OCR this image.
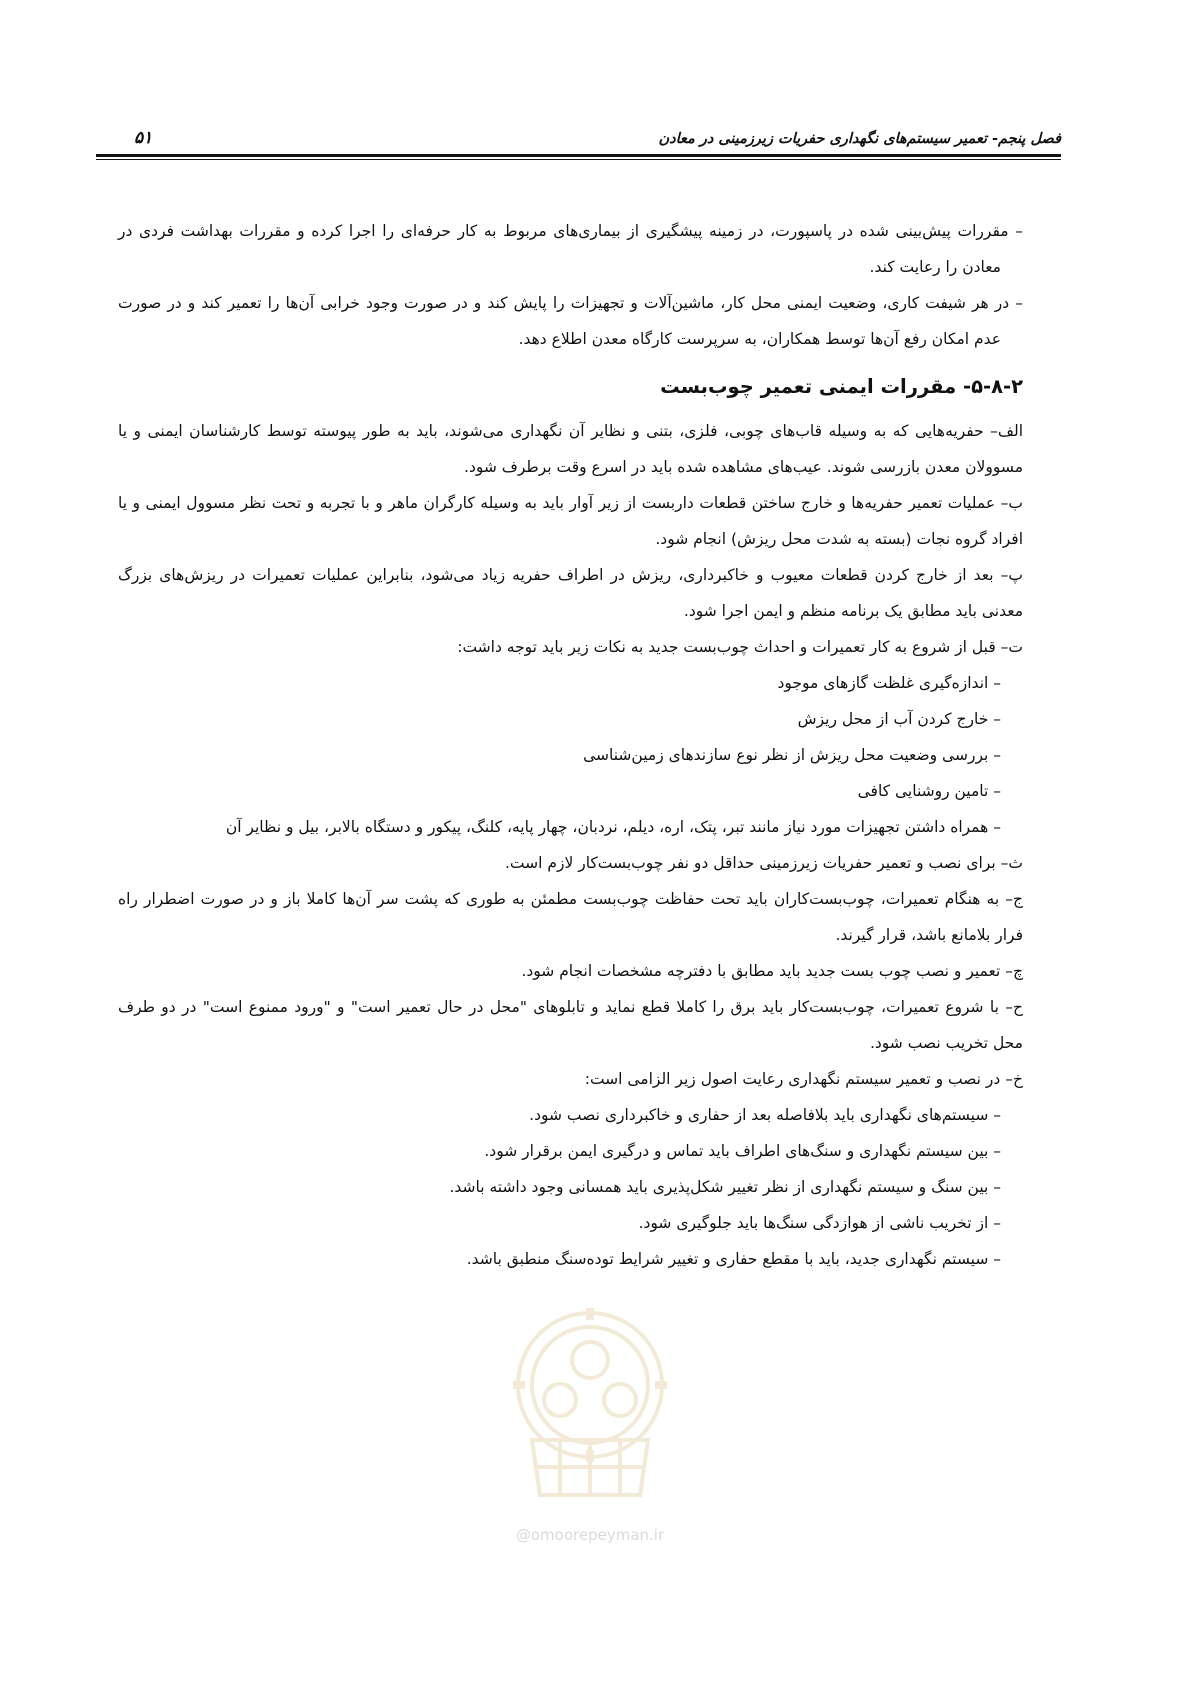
فصل پنجم- تعمیر سیستم‌های نگهداری حفریات زیرزمینی در معادن
۵۱

– مقررات پیش‌بینی شده در پاسپورت، در زمینه پیشگیری از بیماری‌های مربوط به کار حرفه‌ای را اجرا کرده و مقررات بهداشت فردی در معادن را رعایت کند.

– در هر شیفت کاری، وضعیت ایمنی محل کار، ماشین‌آلات و تجهیزات را پایش کند و در صورت وجود خرابی آن‌ها را تعمیر کند و در صورت عدم امکان رفع آن‌ها توسط همکاران، به سرپرست کارگاه معدن اطلاع دهد.

۵-۸-۲- مقررات ایمنی تعمیر چوب‌بست

الف– حفریه‌هایی که به وسیله قاب‌های چوبی، فلزی، بتنی و نظایر آن نگهداری می‌شوند، باید به طور پیوسته توسط کارشناسان ایمنی و یا مسوولان معدن بازرسی شوند. عیب‌های مشاهده شده باید در اسرع وقت برطرف شود.

ب– عملیات تعمیر حفریه‌ها و خارج ساختن قطعات داربست از زیر آوار باید به وسیله کارگران ماهر و با تجربه و تحت نظر مسوول ایمنی و یا افراد گروه نجات (بسته به شدت محل ریزش) انجام شود.

پ– بعد از خارج کردن قطعات معیوب و خاکبرداری، ریزش در اطراف حفریه زیاد می‌شود، بنابراین عملیات تعمیرات در ریزش‌های بزرگ معدنی باید مطابق یک برنامه منظم و ایمن اجرا شود.

ت– قبل از شروع به کار تعمیرات و احداث چوب‌بست جدید به نکات زیر باید توجه داشت:

– اندازه‌گیری غلظت گازهای موجود

– خارج کردن آب از محل ریزش

– بررسی وضعیت محل ریزش از نظر نوع سازندهای زمین‌شناسی

– تامین روشنایی کافی

– همراه داشتن تجهیزات مورد نیاز مانند تبر، پتک، اره، دیلم، نردبان، چهار پایه، کلنگ، پیکور و دستگاه بالابر، بیل و نظایر آن

ث– برای نصب و تعمیر حفریات زیرزمینی حداقل دو نفر چوب‌بست‌کار لازم است.

ج– به هنگام تعمیرات، چوب‌بست‌کاران باید تحت حفاظت چوب‌بست مطمئن به طوری که پشت سر آن‌ها کاملا باز و در صورت اضطرار راه فرار بلامانع باشد، قرار گیرند.

چ– تعمیر و نصب چوب بست جدید باید مطابق با دفترچه مشخصات انجام شود.

ح– با شروع تعمیرات، چوب‌بست‌کار باید برق را کاملا قطع نماید و تابلوهای "محل در حال تعمیر است" و "ورود ممنوع است" در دو طرف محل تخریب نصب شود.

خ– در نصب و تعمیر سیستم نگهداری رعایت اصول زیر الزامی است:

– سیستم‌های نگهداری باید بلافاصله بعد از حفاری و خاکبرداری نصب شود.

– بین سیستم نگهداری و سنگ‌های اطراف باید تماس و درگیری ایمن برقرار شود.

– بین سنگ و سیستم نگهداری از نظر تغییر شکل‌پذیری باید همسانی وجود داشته باشد.

– از تخریب ناشی از هوازدگی سنگ‌ها باید جلوگیری شود.

– سیستم نگهداری جدید، باید با مقطع حفاری و تغییر شرایط توده‌سنگ منطبق باشد.

@omoorepeyman.ir
